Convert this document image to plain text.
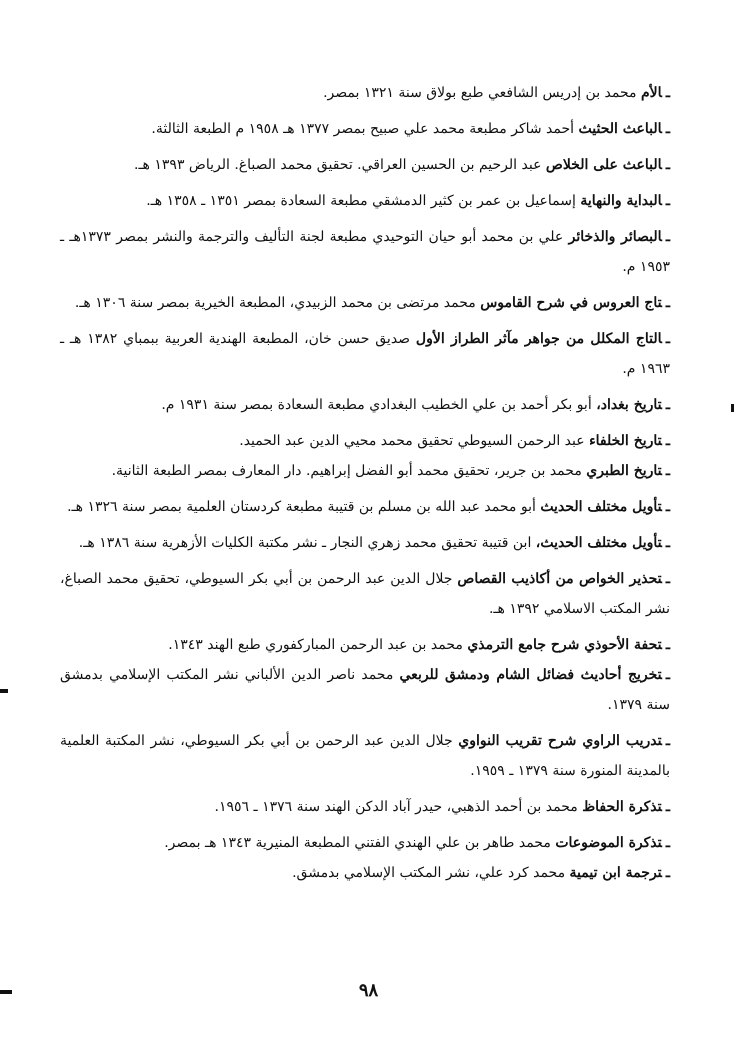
ـالأم محمد بن إدريس الشافعي طبع بولاق سنة ١٣٢١ بمصر.

ـالباعث الحثيث أحمد شاكر مطبعة محمد علي صبيح بمصر ١٣٧٧ هـ ١٩٥٨ م الطبعة الثالثة.

ـالباعث على الخلاص عبد الرحيم بن الحسين العراقي. تحقيق محمد الصباغ. الرياض ١٣٩٣ هـ.

ـالبداية والنهاية إسماعيل بن عمر بن كثير الدمشقي مطبعة السعادة بمصر ١٣٥١ ـ ١٣٥٨ هـ.

ـالبصائر والذخائر علي بن محمد أبو حيان التوحيدي مطبعة لجنة التأليف والترجمة والنشر بمصر ١٣٧٣هـ ـ ١٩٥٣ م.

ـتاج العروس في شرح القاموس محمد مرتضى بن محمد الزبيدي، المطبعة الخيرية بمصر سنة ١٣٠٦ هـ.

ـالتاج المكلل من جواهر مآثر الطراز الأول صديق حسن خان، المطبعة الهندية العربية ببمباي ١٣٨٢ هـ ـ ١٩٦٣ م.

ـتاريخ بغداد، أبو بكر أحمد بن علي الخطيب البغدادي مطبعة السعادة بمصر سنة ١٩٣١ م.

ـتاريخ الخلفاء عبد الرحمن السيوطي تحقيق محمد محيي الدين عبد الحميد.

ـتاريخ الطبري محمد بن جرير، تحقيق محمد أبو الفضل إبراهيم. دار المعارف بمصر الطبعة الثانية.

ـتأويل مختلف الحديث أبو محمد عبد الله بن مسلم بن قتيبة مطبعة كردستان العلمية بمصر سنة ١٣٢٦ هـ.

ـتأويل مختلف الحديث، ابن قتيبة تحقيق محمد زهري النجار ـ نشر مكتبة الكليات الأزهرية سنة ١٣٨٦ هـ.

ـتحذير الخواص من أكاذيب القصاص جلال الدين عبد الرحمن بن أبي بكر السيوطي، تحقيق محمد الصباغ، نشر المكتب الاسلامي ١٣٩٢ هـ.

ـتحفة الأحوذي شرح جامع الترمذي محمد بن عبد الرحمن المباركفوري طبع الهند ١٣٤٣.

ـتخريج أحاديث فضائل الشام ودمشق للربعي محمد ناصر الدين الألباني نشر المكتب الإسلامي بدمشق سنة ١٣٧٩.

ـتدريب الراوي شرح تقريب النواوي جلال الدين عبد الرحمن بن أبي بكر السيوطي، نشر المكتبة العلمية بالمدينة المنورة سنة ١٣٧٩ ـ ١٩٥٩.

ـتذكرة الحفاظ محمد بن أحمد الذهبي، حيدر آباد الدكن الهند سنة ١٣٧٦ ـ ١٩٥٦.

ـتذكرة الموضوعات محمد طاهر بن علي الهندي الفتني المطبعة المنيرية ١٣٤٣ هـ بمصر.

ـترجمة ابن تيمية محمد كرد علي، نشر المكتب الإسلامي بدمشق.

٩٨
